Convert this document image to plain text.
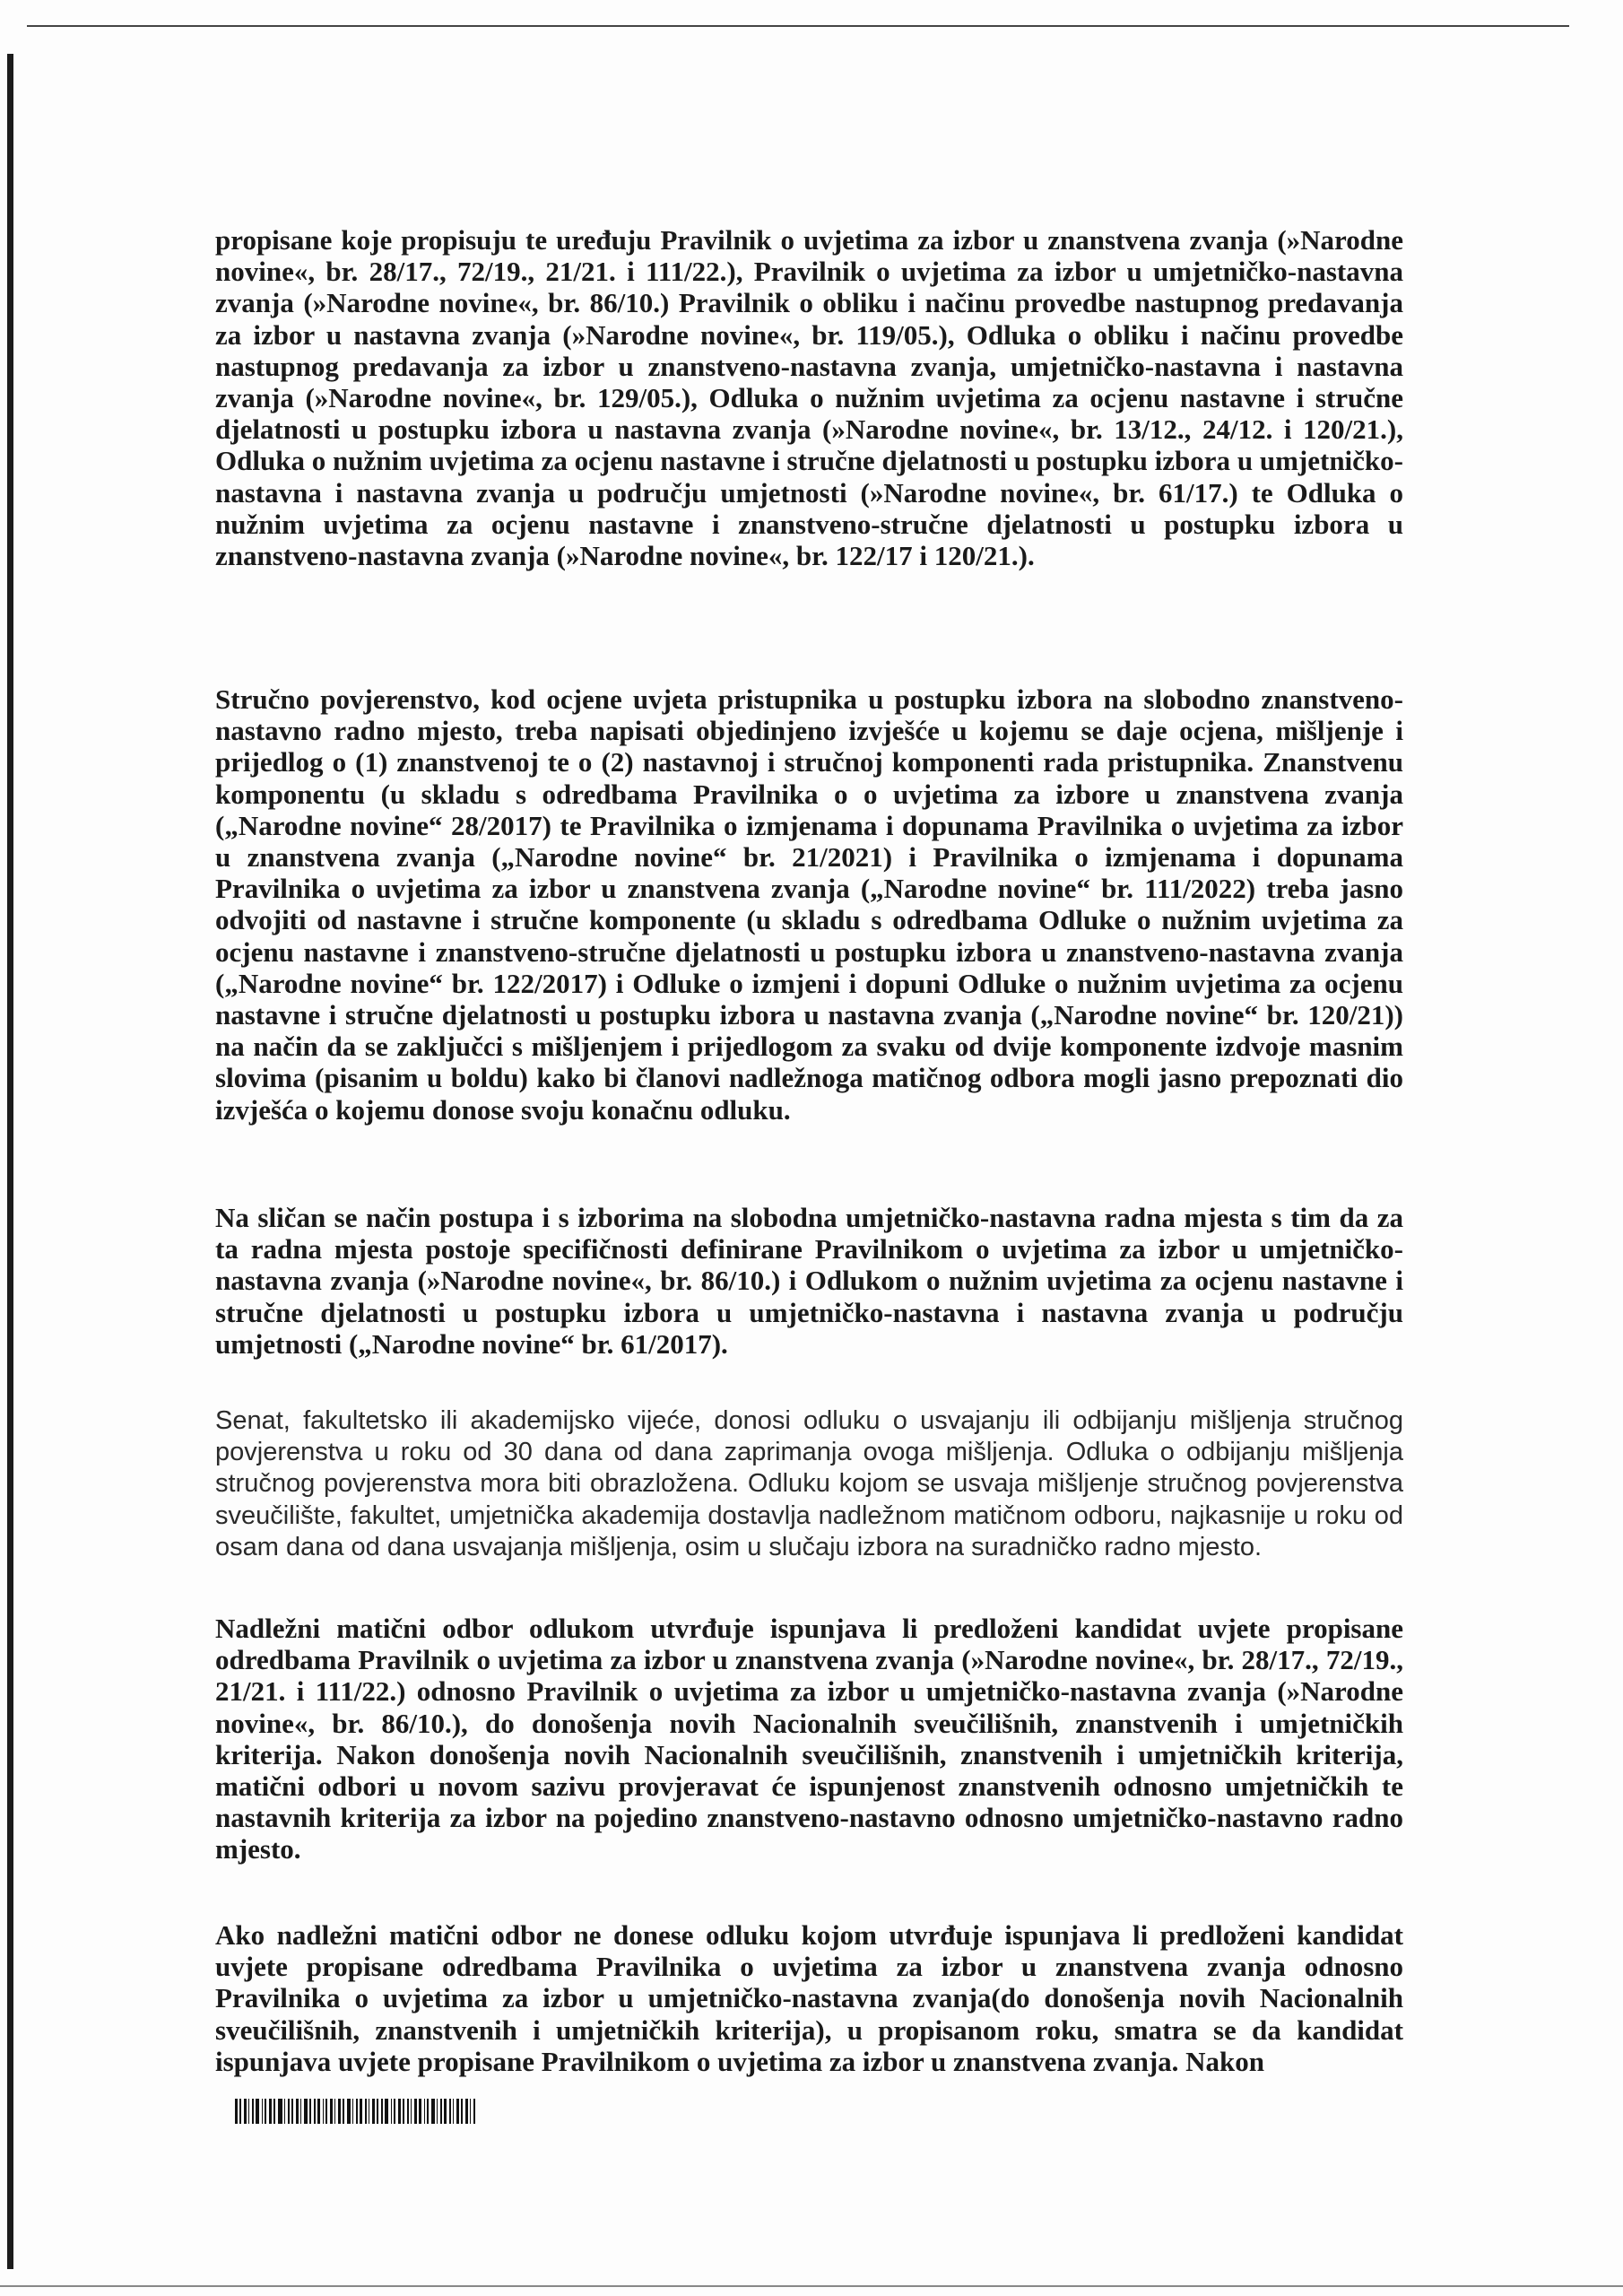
propisane koje propisuju te uređuju Pravilnik o uvjetima za izbor u znanstvena zvanja (»Narodne novine«, br. 28/17., 72/19., 21/21. i 111/22.), Pravilnik o uvjetima za izbor u umjetničko-nastavna zvanja (»Narodne novine«, br. 86/10.) Pravilnik o obliku i načinu provedbe nastupnog predavanja za izbor u nastavna zvanja (»Narodne novine«, br. 119/05.), Odluka o obliku i načinu provedbe nastupnog predavanja za izbor u znanstveno-nastavna zvanja, umjetničko-nastavna i nastavna zvanja (»Narodne novine«, br. 129/05.), Odluka o nužnim uvjetima za ocjenu nastavne i stručne djelatnosti u postupku izbora u nastavna zvanja (»Narodne novine«, br. 13/12., 24/12. i 120/21.), Odluka o nužnim uvjetima za ocjenu nastavne i stručne djelatnosti u postupku izbora u umjetničko-nastavna i nastavna zvanja u području umjetnosti (»Narodne novine«, br. 61/17.) te Odluka o nužnim uvjetima za ocjenu nastavne i znanstveno-stručne djelatnosti u postupku izbora u znanstveno-nastavna zvanja (»Narodne novine«, br. 122/17 i 120/21.).

Stručno povjerenstvo, kod ocjene uvjeta pristupnika u postupku izbora na slobodno znanstveno-nastavno radno mjesto, treba napisati objedinjeno izvješće u kojemu se daje ocjena, mišljenje i prijedlog o (1) znanstvenoj te o (2) nastavnoj i stručnoj komponenti rada pristupnika. Znanstvenu komponentu (u skladu s odredbama Pravilnika o o uvjetima za izbore u znanstvena zvanja („Narodne novine“ 28/2017) te Pravilnika o izmjenama i dopunama Pravilnika o uvjetima za izbor u znanstvena zvanja („Narodne novine“ br. 21/2021) i Pravilnika o izmjenama i dopunama Pravilnika o uvjetima za izbor u znanstvena zvanja („Narodne novine“ br. 111/2022) treba jasno odvojiti od nastavne i stručne komponente (u skladu s odredbama Odluke o nužnim uvjetima za ocjenu nastavne i znanstveno-stručne djelatnosti u postupku izbora u znanstveno-nastavna zvanja („Narodne novine“ br. 122/2017) i Odluke o izmjeni i dopuni Odluke o nužnim uvjetima za ocjenu nastavne i stručne djelatnosti u postupku izbora u nastavna zvanja („Narodne novine“ br. 120/21)) na način da se zaključci s mišljenjem i prijedlogom za svaku od dvije komponente izdvoje masnim slovima (pisanim u boldu) kako bi članovi nadležnoga matičnog odbora mogli jasno prepoznati dio izvješća o kojemu donose svoju konačnu odluku.

Na sličan se način postupa i s izborima na slobodna umjetničko-nastavna radna mjesta s tim da za ta radna mjesta postoje specifičnosti definirane Pravilnikom o uvjetima za izbor u umjetničko-nastavna zvanja (»Narodne novine«, br. 86/10.) i Odlukom o nužnim uvjetima za ocjenu nastavne i stručne djelatnosti u postupku izbora u umjetničko-nastavna i nastavna zvanja u području umjetnosti („Narodne novine“ br. 61/2017).

Senat, fakultetsko ili akademijsko vijeće, donosi odluku o usvajanju ili odbijanju mišljenja stručnog povjerenstva u roku od 30 dana od dana zaprimanja ovoga mišljenja. Odluka o odbijanju mišljenja stručnog povjerenstva mora biti obrazložena. Odluku kojom se usvaja mišljenje stručnog povjerenstva sveučilište, fakultet, umjetnička akademija dostavlja nadležnom matičnom odboru, najkasnije u roku od osam dana od dana usvajanja mišljenja, osim u slučaju izbora na suradničko radno mjesto.

Nadležni matični odbor odlukom utvrđuje ispunjava li predloženi kandidat uvjete propisane odredbama Pravilnik o uvjetima za izbor u znanstvena zvanja (»Narodne novine«, br. 28/17., 72/19., 21/21. i 111/22.) odnosno Pravilnik o uvjetima za izbor u umjetničko-nastavna zvanja (»Narodne novine«, br. 86/10.), do donošenja novih Nacionalnih sveučilišnih, znanstvenih i umjetničkih kriterija. Nakon donošenja novih Nacionalnih sveučilišnih, znanstvenih i umjetničkih kriterija, matični odbori u novom sazivu provjeravat će ispunjenost znanstvenih odnosno umjetničkih te nastavnih kriterija za izbor na pojedino znanstveno-nastavno odnosno umjetničko-nastavno radno mjesto.

Ako nadležni matični odbor ne donese odluku kojom utvrđuje ispunjava li predloženi kandidat uvjete propisane odredbama Pravilnika o uvjetima za izbor u znanstvena zvanja odnosno Pravilnika o uvjetima za izbor u umjetničko-nastavna zvanja(do donošenja novih Nacionalnih sveučilišnih, znanstvenih i umjetničkih kriterija), u propisanom roku, smatra se da kandidat ispunjava uvjete propisane Pravilnikom o uvjetima za izbor u znanstvena zvanja. Nakon
